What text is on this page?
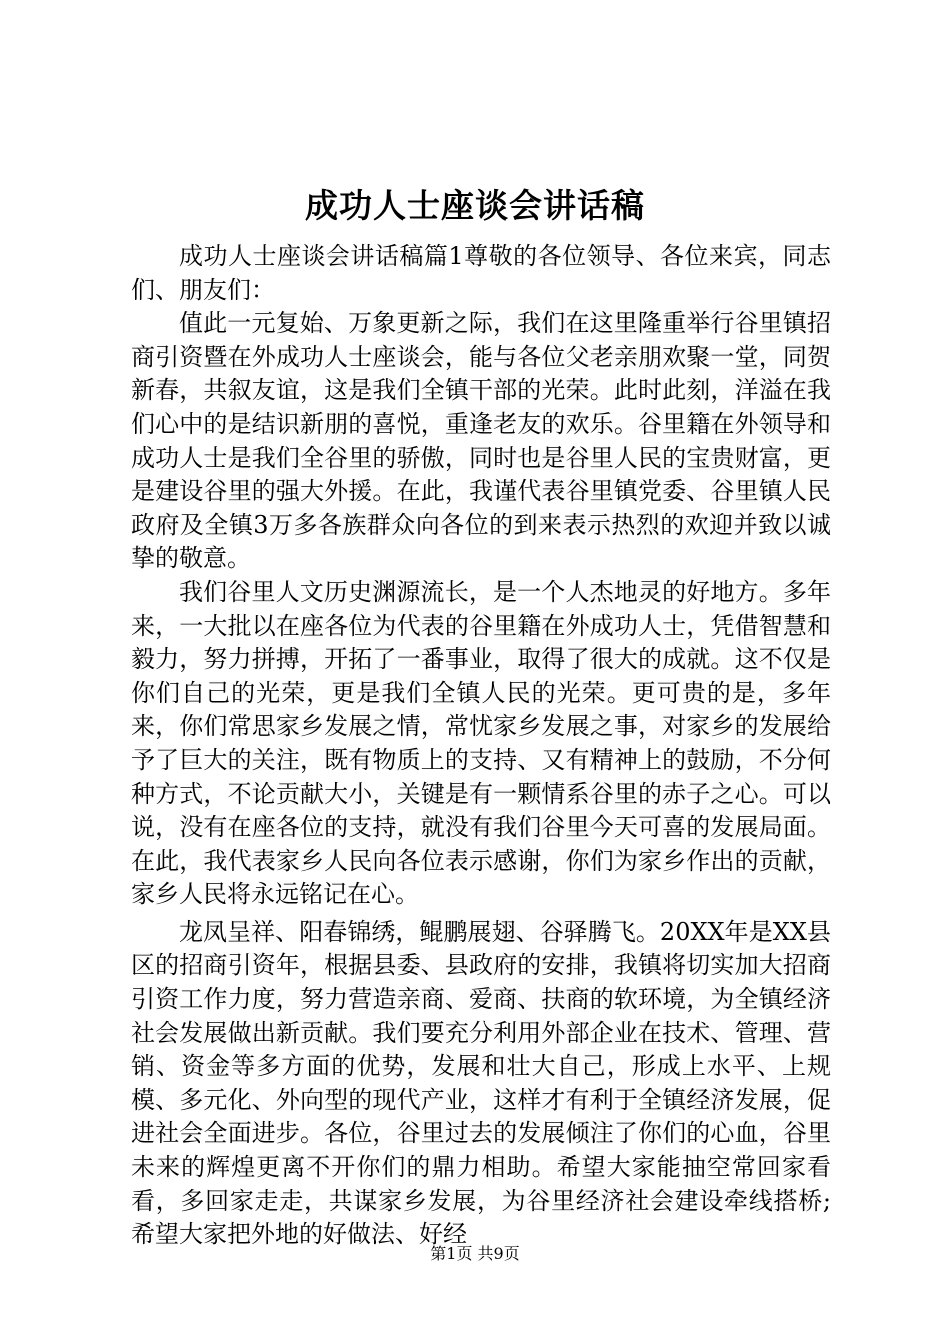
成功人士座谈会讲话稿

成功人士座谈会讲话稿篇1尊敬的各位领导、各位来宾，同志们、朋友们：

值此一元复始、万象更新之际，我们在这里隆重举行谷里镇招商引资暨在外成功人士座谈会，能与各位父老亲朋欢聚一堂，同贺新春，共叙友谊，这是我们全镇干部的光荣。此时此刻，洋溢在我们心中的是结识新朋的喜悦，重逢老友的欢乐。谷里籍在外领导和成功人士是我们全谷里的骄傲，同时也是谷里人民的宝贵财富，更是建设谷里的强大外援。在此，我谨代表谷里镇党委、谷里镇人民政府及全镇3万多各族群众向各位的到来表示热烈的欢迎并致以诚挚的敬意。

我们谷里人文历史渊源流长，是一个人杰地灵的好地方。多年来，一大批以在座各位为代表的谷里籍在外成功人士，凭借智慧和毅力，努力拼搏，开拓了一番事业，取得了很大的成就。这不仅是你们自己的光荣，更是我们全镇人民的光荣。更可贵的是，多年来，你们常思家乡发展之情，常忧家乡发展之事，对家乡的发展给予了巨大的关注，既有物质上的支持、又有精神上的鼓励，不分何种方式，不论贡献大小，关键是有一颗情系谷里的赤子之心。可以说，没有在座各位的支持，就没有我们谷里今天可喜的发展局面。在此，我代表家乡人民向各位表示感谢，你们为家乡作出的贡献，家乡人民将永远铭记在心。

龙凤呈祥、阳春锦绣，鲲鹏展翅、谷驿腾飞。20XX年是XX县区的招商引资年，根据县委、县政府的安排，我镇将切实加大招商引资工作力度，努力营造亲商、爱商、扶商的软环境，为全镇经济社会发展做出新贡献。我们要充分利用外部企业在技术、管理、营销、资金等多方面的优势，发展和壮大自己，形成上水平、上规模、多元化、外向型的现代产业，这样才有利于全镇经济发展，促进社会全面进步。各位，谷里过去的发展倾注了你们的心血，谷里未来的辉煌更离不开你们的鼎力相助。希望大家能抽空常回家看看，多回家走走，共谋家乡发展，为谷里经济社会建设牵线搭桥;希望大家把外地的好做法、好经

第1页 共9页
